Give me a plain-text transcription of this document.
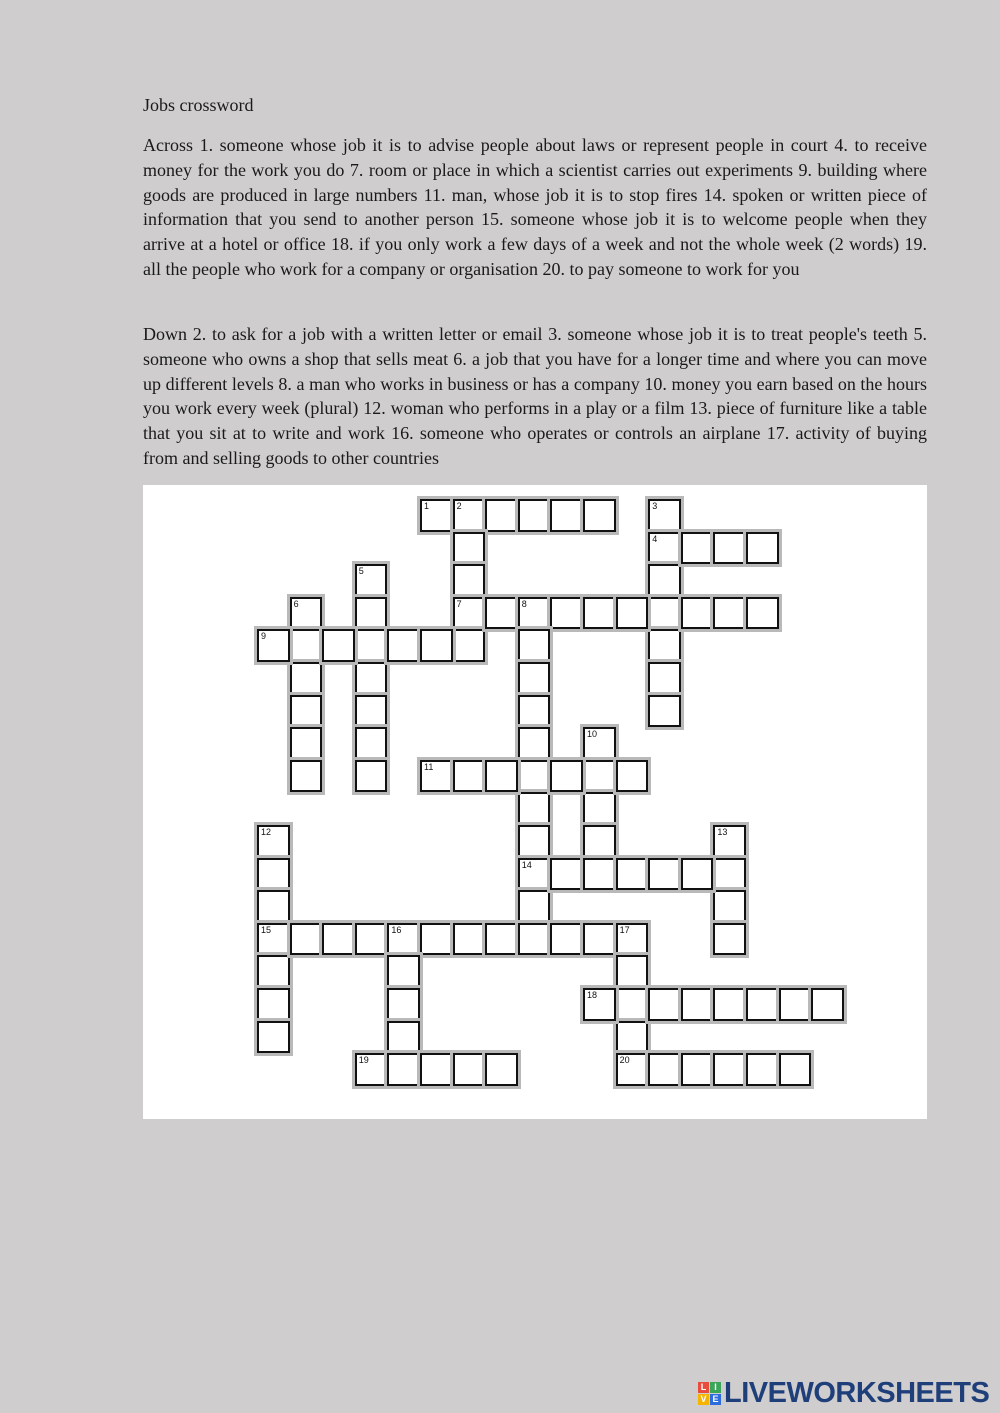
Jobs crossword

Across 1. someone whose job it is to advise people about laws or represent people in court 4. to receive money for the work you do 7. room or place in which a scientist carries out experiments 9. building where goods are produced in large numbers 11. man, whose job it is to stop fires 14. spoken or written piece of information that you send to another person 15. someone whose job it is to welcome people when they arrive at a hotel or office 18. if you only work a few days of a week and not the whole week (2 words) 19. all the people who work for a company or organisation 20. to pay someone to work for you

Down 2. to ask for a job with a written letter or email 3. someone whose job it is to treat people's teeth 5. someone who owns a shop that sells meat 6. a job that you have for a longer time and where you can move up different levels 8. a man who works in business or has a company 10. money you earn based on the hours you work every week (plural) 12. woman who performs in a play or a film 13. piece of furniture like a table that you sit at to write and work 16. someone who operates or controls an airplane 17. activity of buying from and selling goods to other countries

1	2
7
3
4
5
6	8
14
9
10
11
12
15
13
16	17
18
19	20
L I
V E LIVEWORKSHEETS
